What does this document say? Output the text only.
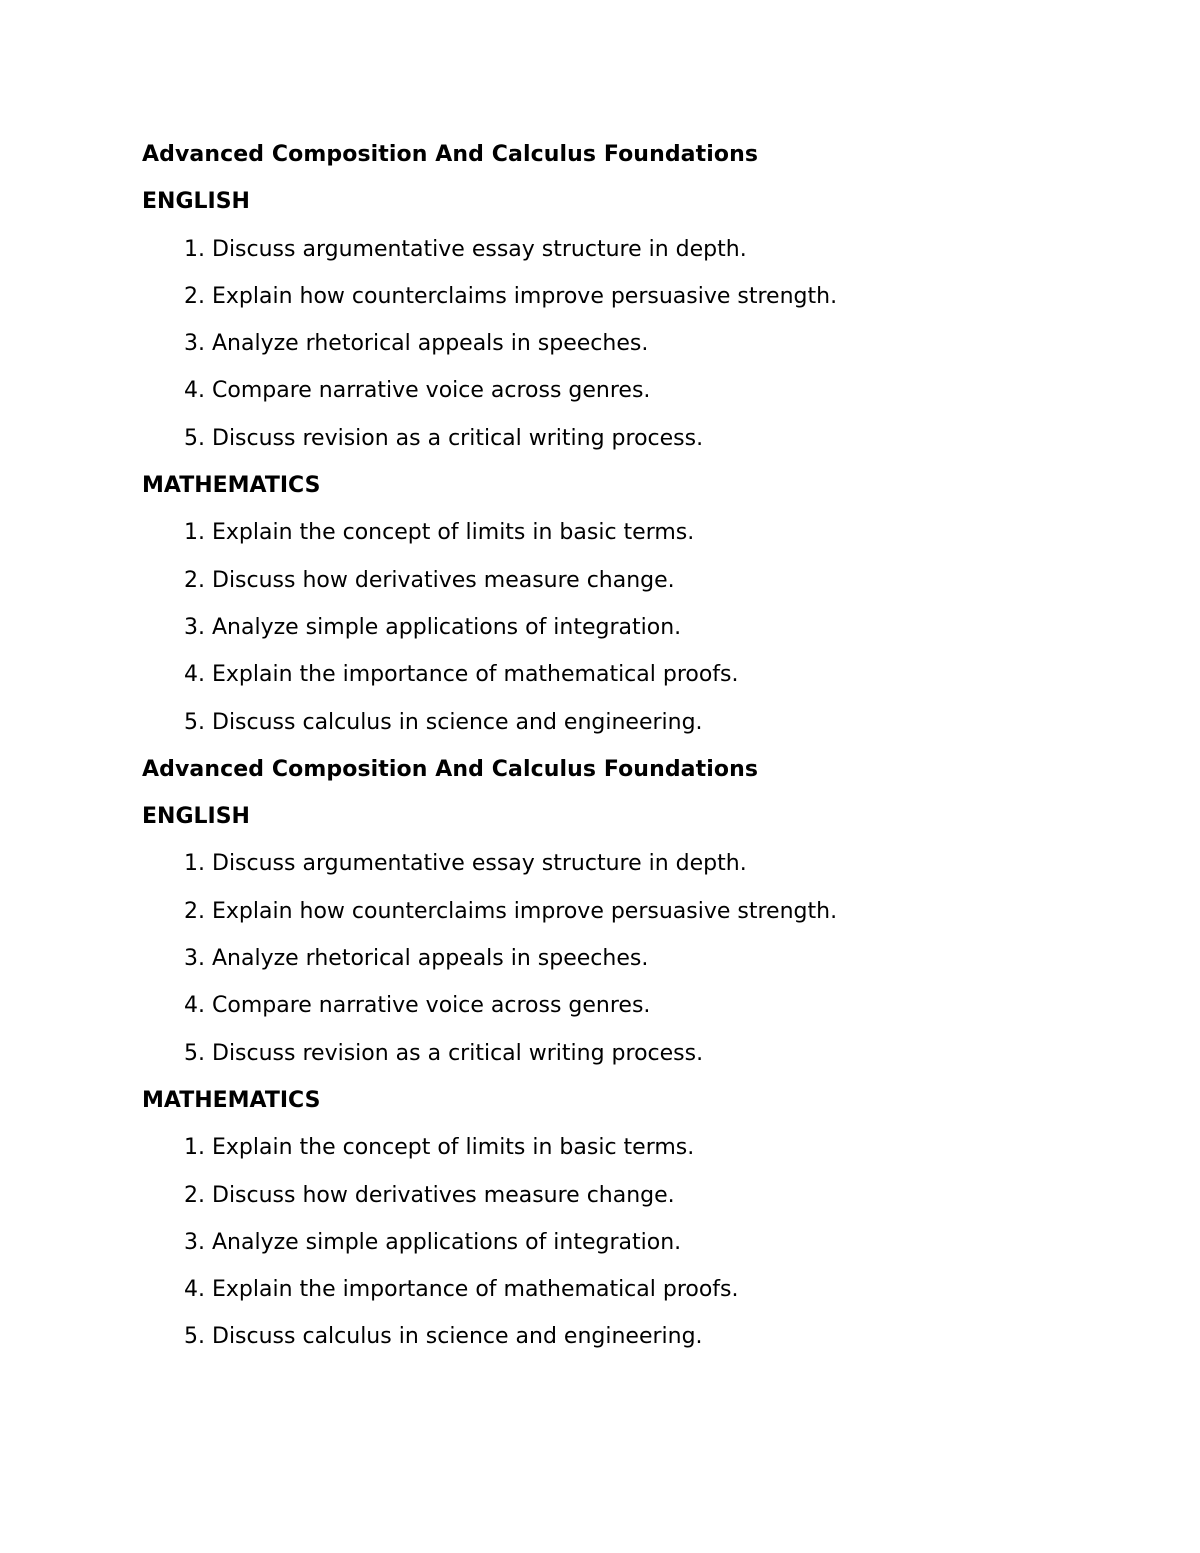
Advanced Composition And Calculus Foundations
ENGLISH
1. Discuss argumentative essay structure in depth.
2. Explain how counterclaims improve persuasive strength.
3. Analyze rhetorical appeals in speeches.
4. Compare narrative voice across genres.
5. Discuss revision as a critical writing process.
MATHEMATICS
1. Explain the concept of limits in basic terms.
2. Discuss how derivatives measure change.
3. Analyze simple applications of integration.
4. Explain the importance of mathematical proofs.
5. Discuss calculus in science and engineering.
Advanced Composition And Calculus Foundations
ENGLISH
1. Discuss argumentative essay structure in depth.
2. Explain how counterclaims improve persuasive strength.
3. Analyze rhetorical appeals in speeches.
4. Compare narrative voice across genres.
5. Discuss revision as a critical writing process.
MATHEMATICS
1. Explain the concept of limits in basic terms.
2. Discuss how derivatives measure change.
3. Analyze simple applications of integration.
4. Explain the importance of mathematical proofs.
5. Discuss calculus in science and engineering.
